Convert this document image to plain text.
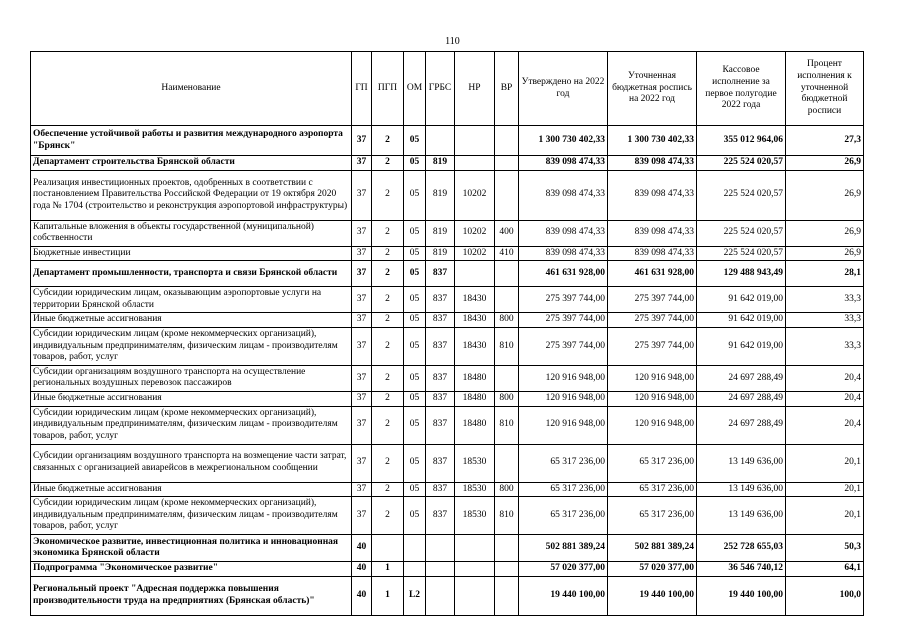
110
Наименование	ГП	ПГП	ОМ	ГРБС	НР	ВР	Утверждено на 2022 год	Уточненная бюджетная роспись на 2022 год	Кассовое исполнение за первое полугодие 2022 года	Процент исполнения к уточненной бюджетной росписи
Обеспечение устойчивой работы и развития международного аэропорта "Брянск"	37	2	05				1 300 730 402,33	1 300 730 402,33	355 012 964,06	27,3
Департамент строительства Брянской области	37	2	05	819			839 098 474,33	839 098 474,33	225 524 020,57	26,9
Реализация инвестиционных проектов, одобренных в соответствии с постановлением Правительства Российской Федерации от 19 октября 2020 года № 1704 (строительство и реконструкция аэропортовой инфраструктуры)	37	2	05	819	10202		839 098 474,33	839 098 474,33	225 524 020,57	26,9
Капитальные вложения в объекты государственной (муниципальной) собственности	37	2	05	819	10202	400	839 098 474,33	839 098 474,33	225 524 020,57	26,9
Бюджетные инвестиции	37	2	05	819	10202	410	839 098 474,33	839 098 474,33	225 524 020,57	26,9
Департамент промышленности, транспорта и связи Брянской области	37	2	05	837			461 631 928,00	461 631 928,00	129 488 943,49	28,1
Субсидии юридическим лицам, оказывающим аэропортовые услуги на территории Брянской области	37	2	05	837	18430		275 397 744,00	275 397 744,00	91 642 019,00	33,3
Иные бюджетные ассигнования	37	2	05	837	18430	800	275 397 744,00	275 397 744,00	91 642 019,00	33,3
Субсидии юридическим лицам (кроме некоммерческих организаций), индивидуальным предпринимателям, физическим лицам - производителям товаров, работ, услуг	37	2	05	837	18430	810	275 397 744,00	275 397 744,00	91 642 019,00	33,3
Субсидии организациям воздушного транспорта на осуществление региональных воздушных перевозок пассажиров	37	2	05	837	18480		120 916 948,00	120 916 948,00	24 697 288,49	20,4
Иные бюджетные ассигнования	37	2	05	837	18480	800	120 916 948,00	120 916 948,00	24 697 288,49	20,4
Субсидии юридическим лицам (кроме некоммерческих организаций), индивидуальным предпринимателям, физическим лицам - производителям товаров, работ, услуг	37	2	05	837	18480	810	120 916 948,00	120 916 948,00	24 697 288,49	20,4
Субсидии организациям воздушного транспорта на возмещение части затрат, связанных с организацией авиарейсов в межрегиональном сообщении	37	2	05	837	18530		65 317 236,00	65 317 236,00	13 149 636,00	20,1
Иные бюджетные ассигнования	37	2	05	837	18530	800	65 317 236,00	65 317 236,00	13 149 636,00	20,1
Субсидии юридическим лицам (кроме некоммерческих организаций), индивидуальным предпринимателям, физическим лицам - производителям товаров, работ, услуг	37	2	05	837	18530	810	65 317 236,00	65 317 236,00	13 149 636,00	20,1
Экономическое развитие, инвестиционная политика и инновационная экономика Брянской области	40						502 881 389,24	502 881 389,24	252 728 655,03	50,3
Подпрограмма "Экономическое развитие"	40	1					57 020 377,00	57 020 377,00	36 546 740,12	64,1
Региональный проект "Адресная поддержка повышения производительности труда на предприятиях (Брянская область)"	40	1	L2				19 440 100,00	19 440 100,00	19 440 100,00	100,0
